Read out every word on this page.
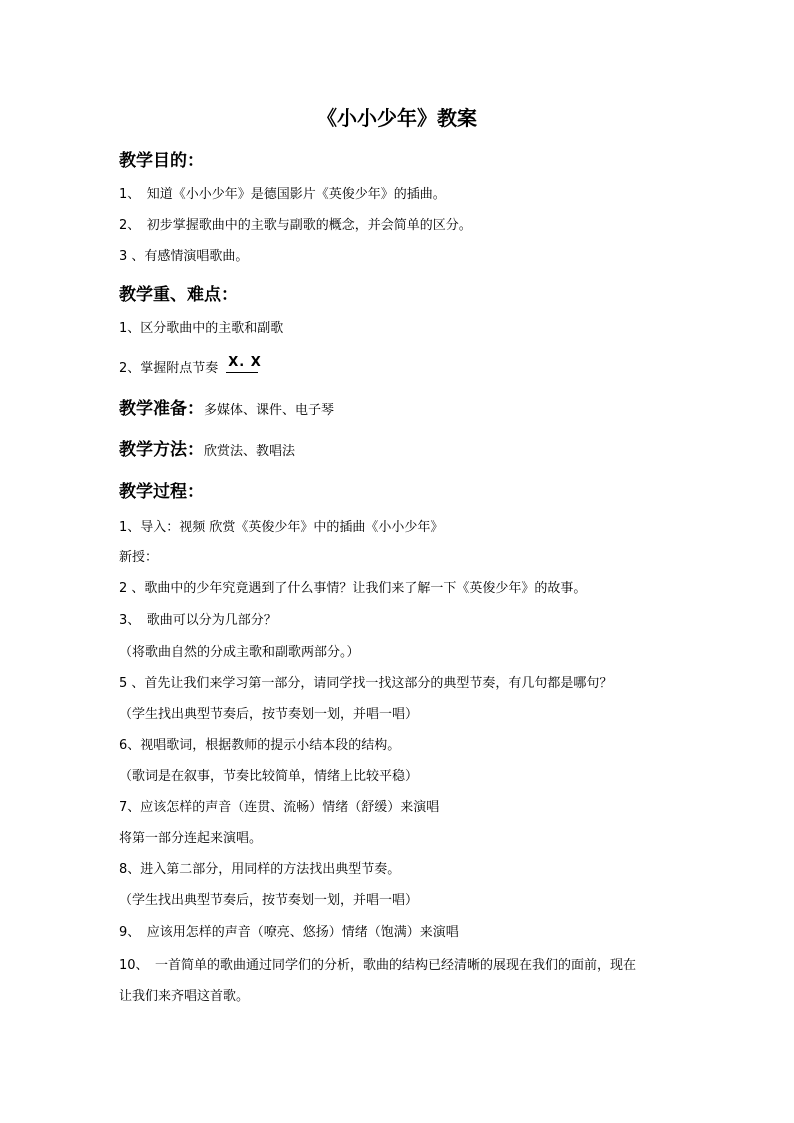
《小小少年》教案
教学目的：
1、　知道《小小少年》是德国影片《英俊少年》的插曲。
2、　初步掌握歌曲中的主歌与副歌的概念，并会简单的区分。
3 、有感情演唱歌曲。
教学重、难点：
1、区分歌曲中的主歌和副歌
2、掌握附点节奏 X. X
教学准备：多媒体、课件、电子琴
教学方法：欣赏法、教唱法
教学过程：
1、导入：视频 欣赏《英俊少年》中的插曲《小小少年》
新授：
2 、歌曲中的少年究竟遇到了什么事情？让我们来了解一下《英俊少年》的故事。
3、　歌曲可以分为几部分？
（将歌曲自然的分成主歌和副歌两部分。）
5 、首先让我们来学习第一部分，请同学找一找这部分的典型节奏，有几句都是哪句？
（学生找出典型节奏后，按节奏划一划，并唱一唱）
6、视唱歌词，根据教师的提示小结本段的结构。
（歌词是在叙事，节奏比较简单，情绪上比较平稳）
7、应该怎样的声音（连贯、流畅）情绪（舒缓）来演唱
将第一部分连起来演唱。
8、进入第二部分，用同样的方法找出典型节奏。
（学生找出典型节奏后，按节奏划一划，并唱一唱）
9、　应该用怎样的声音（嘹亮、悠扬）情绪（饱满）来演唱
10、　一首简单的歌曲通过同学们的分析，歌曲的结构已经清晰的展现在我们的面前，现在
让我们来齐唱这首歌。
